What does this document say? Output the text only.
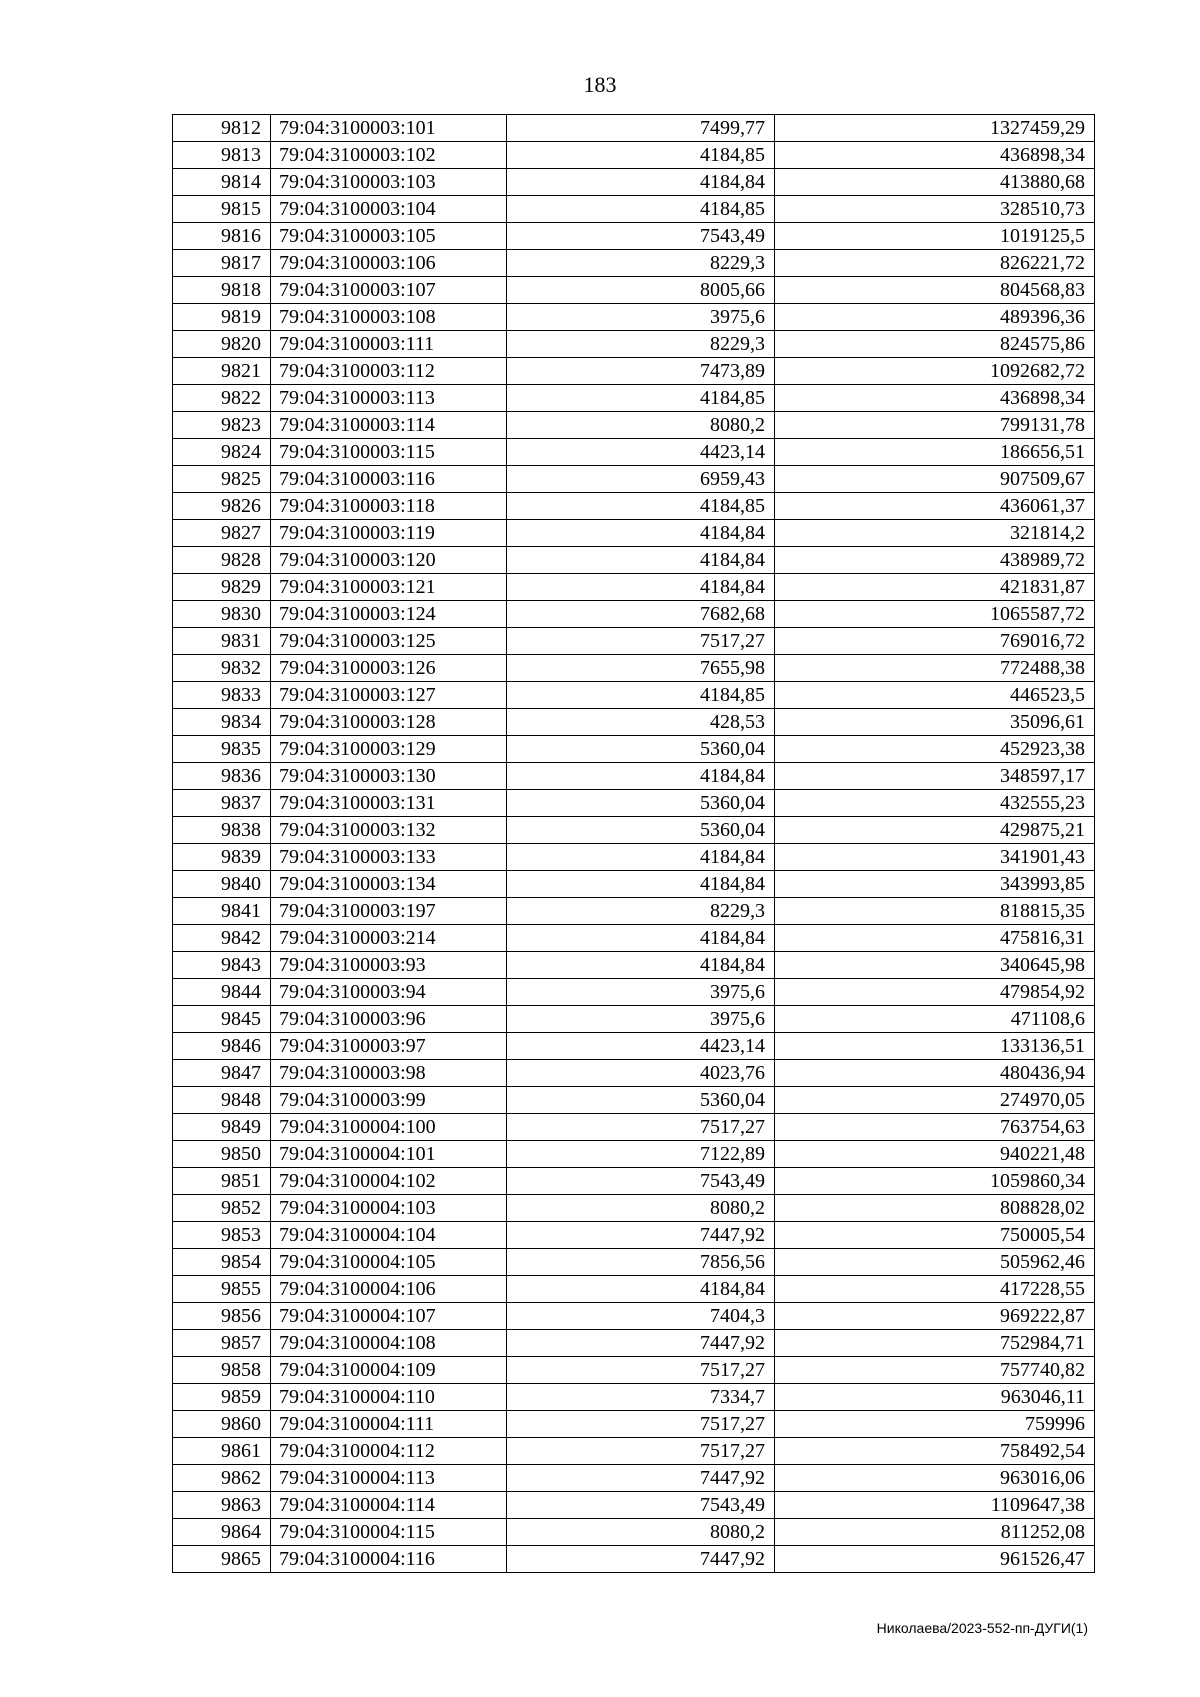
183
9812	79:04:3100003:101	7499,77	1327459,29
9813	79:04:3100003:102	4184,85	436898,34
9814	79:04:3100003:103	4184,84	413880,68
9815	79:04:3100003:104	4184,85	328510,73
9816	79:04:3100003:105	7543,49	1019125,5
9817	79:04:3100003:106	8229,3	826221,72
9818	79:04:3100003:107	8005,66	804568,83
9819	79:04:3100003:108	3975,6	489396,36
9820	79:04:3100003:111	8229,3	824575,86
9821	79:04:3100003:112	7473,89	1092682,72
9822	79:04:3100003:113	4184,85	436898,34
9823	79:04:3100003:114	8080,2	799131,78
9824	79:04:3100003:115	4423,14	186656,51
9825	79:04:3100003:116	6959,43	907509,67
9826	79:04:3100003:118	4184,85	436061,37
9827	79:04:3100003:119	4184,84	321814,2
9828	79:04:3100003:120	4184,84	438989,72
9829	79:04:3100003:121	4184,84	421831,87
9830	79:04:3100003:124	7682,68	1065587,72
9831	79:04:3100003:125	7517,27	769016,72
9832	79:04:3100003:126	7655,98	772488,38
9833	79:04:3100003:127	4184,85	446523,5
9834	79:04:3100003:128	428,53	35096,61
9835	79:04:3100003:129	5360,04	452923,38
9836	79:04:3100003:130	4184,84	348597,17
9837	79:04:3100003:131	5360,04	432555,23
9838	79:04:3100003:132	5360,04	429875,21
9839	79:04:3100003:133	4184,84	341901,43
9840	79:04:3100003:134	4184,84	343993,85
9841	79:04:3100003:197	8229,3	818815,35
9842	79:04:3100003:214	4184,84	475816,31
9843	79:04:3100003:93	4184,84	340645,98
9844	79:04:3100003:94	3975,6	479854,92
9845	79:04:3100003:96	3975,6	471108,6
9846	79:04:3100003:97	4423,14	133136,51
9847	79:04:3100003:98	4023,76	480436,94
9848	79:04:3100003:99	5360,04	274970,05
9849	79:04:3100004:100	7517,27	763754,63
9850	79:04:3100004:101	7122,89	940221,48
9851	79:04:3100004:102	7543,49	1059860,34
9852	79:04:3100004:103	8080,2	808828,02
9853	79:04:3100004:104	7447,92	750005,54
9854	79:04:3100004:105	7856,56	505962,46
9855	79:04:3100004:106	4184,84	417228,55
9856	79:04:3100004:107	7404,3	969222,87
9857	79:04:3100004:108	7447,92	752984,71
9858	79:04:3100004:109	7517,27	757740,82
9859	79:04:3100004:110	7334,7	963046,11
9860	79:04:3100004:111	7517,27	759996
9861	79:04:3100004:112	7517,27	758492,54
9862	79:04:3100004:113	7447,92	963016,06
9863	79:04:3100004:114	7543,49	1109647,38
9864	79:04:3100004:115	8080,2	811252,08
9865	79:04:3100004:116	7447,92	961526,47
Николаева/2023-552-пп-ДУГИ(1)
